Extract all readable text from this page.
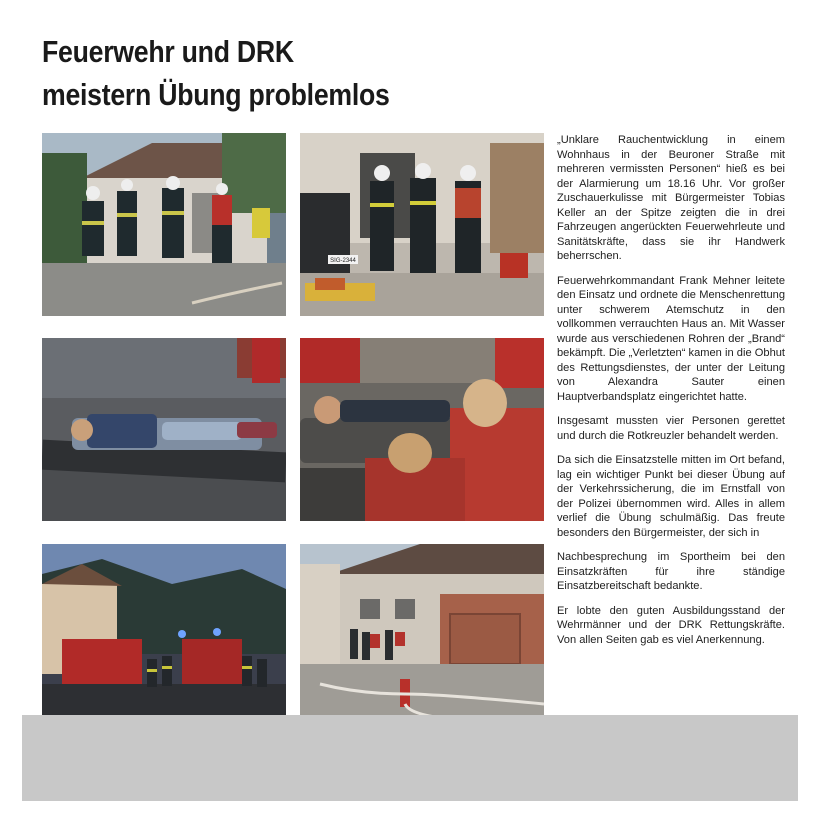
Feuerwehr und DRK
meistern Übung problemlos
SIG-2344

„Unklare Rauchentwicklung in einem Wohnhaus in der Beuroner Straße mit mehreren vermissten Personen“ hieß es bei der Alarmierung um 18.16 Uhr. Vor großer Zuschauerkulisse mit Bürgermeister Tobias Keller an der Spitze zeigten die in drei Fahrzeugen angerückten Feuerwehrleute und Sanitätskräfte, dass sie ihr Handwerk beherrschen.

Feuerwehrkommandant Frank Mehner leitete den Einsatz und ordnete die Menschenrettung unter schwerem Atemschutz in den vollkommen verrauchten Haus an. Mit Wasser wurde aus verschiedenen Rohren der „Brand“ bekämpft. Die „Verletzten“ kamen in die Obhut des Rettungsdienstes, der unter der Leitung von Alexandra Sauter einen Hauptverbandsplatz eingerichtet hatte.

Insgesamt mussten vier Personen gerettet und durch die Rotkreuzler behandelt werden.

Da sich die Einsatzstelle mitten im Ort befand, lag ein wichtiger Punkt bei dieser Übung auf der Verkehrssicherung, die im Ernstfall von der Polizei übernommen wird. Alles in allem verlief die Übung schulmäßig. Das freute besonders den Bürgermeister, der sich in

Nachbesprechung im Sportheim bei den Einsatzkräften für ihre ständige Einsatzbereitschaft bedankte.

Er lobte den guten Ausbildungsstand der Wehrmänner und der DRK Rettungskräfte. Von allen Seiten gab es viel Anerkennung.
